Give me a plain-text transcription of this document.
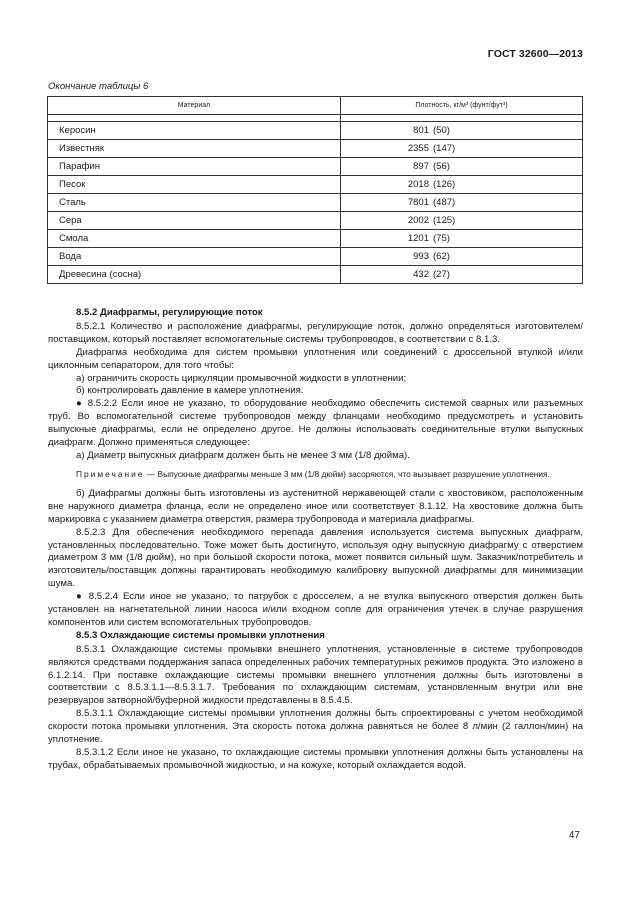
ГОСТ 32600—2013
Окончание таблицы 6
Материал	Плотность, кг/м³ (фунт/фут³)

Керосин	801 (50)
Известняк	2355 (147)
Парафин	897 (56)
Песок	2018 (126)
Сталь	7801 (487)
Сера	2002 (125)
Смола	1201 (75)
Вода	993 (62)
Древесина (сосна)	432 (27)

8.5.2 Диафрагмы, регулирующие поток

8.5.2.1 Количество и расположение диафрагмы, регулирующие поток, должно определяться изготовителем/поставщиком, который поставляет вспомогательные системы трубопроводов, в соответствии с 8.1.3.

Диафрагма необходима для систем промывки уплотнения или соединений с дроссельной втулкой и/или циклонным сепаратором, для того чтобы:

а) ограничить скорость циркуляции промывочной жидкости в уплотнении;

б) контролировать давление в камере уплотнения.

● 8.5.2.2 Если иное не указано, то оборудование необходимо обеспечить системой сварных или разъемных труб. Во вспомогательной системе трубопроводов между фланцами необходимо предусмотреть и установить выпускные диафрагмы, если не определено другое. Не должны использовать соединительные втулки выпускных диафрагм. Должно применяться следующее:

а) Диаметр выпускных диафрагм должен быть не менее 3 мм (1/8 дюйма).

Примечание — Выпускные диафрагмы меньше 3 мм (1/8 дюйм) засоряются, что вызывает разрушение уплотнения.

б) Диафрагмы должны быть изготовлены из аустенитной нержавеющей стали с хвостовиком, расположенным вне наружного диаметра фланца, если не определено иное или соответствует 8.1.12. На хвостовике должна быть маркировка с указанием диаметра отверстия, размера трубопровода и материала диафрагмы.

8.5.2.3 Для обеспечения необходимого перепада давления используется система выпускных диафрагм, установленных последовательно. Тоже может быть достигнуто, используя одну выпускную диафрагму с отверстием диаметром 3 мм (1/8 дюйм), но при большой скорости потока, может появится сильный шум. Заказчик/потребитель и изготовитель/поставщик должны гарантировать необходимую калибровку выпускной диафрагмы для минимизации шума.

● 8.5.2.4 Если иное не указано, то патрубок с дросселем, а не втулка выпускного отверстия должен быть установлен на нагнетательной линии насоса и/или входном сопле для ограничения утечек в случае разрушения компонентов или систем вспомогательных трубопроводов.

8.5.3 Охлаждающие системы промывки уплотнения

8.5.3.1 Охлаждающие системы промывки внешнего уплотнения, установленные в системе трубопроводов являются средствами поддержания запаса определенных рабочих температурных режимов продукта. Это изложено в 6.1.2.14. При поставке охлаждающие системы промывки внешнего уплотнения должны быть изготовлены в соответствии с 8.5.3.1.1—8.5.3.1.7. Требования по охлаждающим системам, установленным внутри или вне резервуаров затворной/буферной жидкости представлены в 8.5.4.5.

8.5.3.1.1 Охлаждающие системы промывки уплотнения должны быть спроектированы с учетом необходимой скорости потока промывки уплотнения. Эта скорость потока должна равняться не более 8 л/мин (2 галлон/мин) на уплотнение.

8.5.3.1.2 Если иное не указано, то охлаждающие системы промывки уплотнения должны быть установлены на трубах, обрабатываемых промывочной жидкостью, и на кожухе, который охлаждается водой.

47
